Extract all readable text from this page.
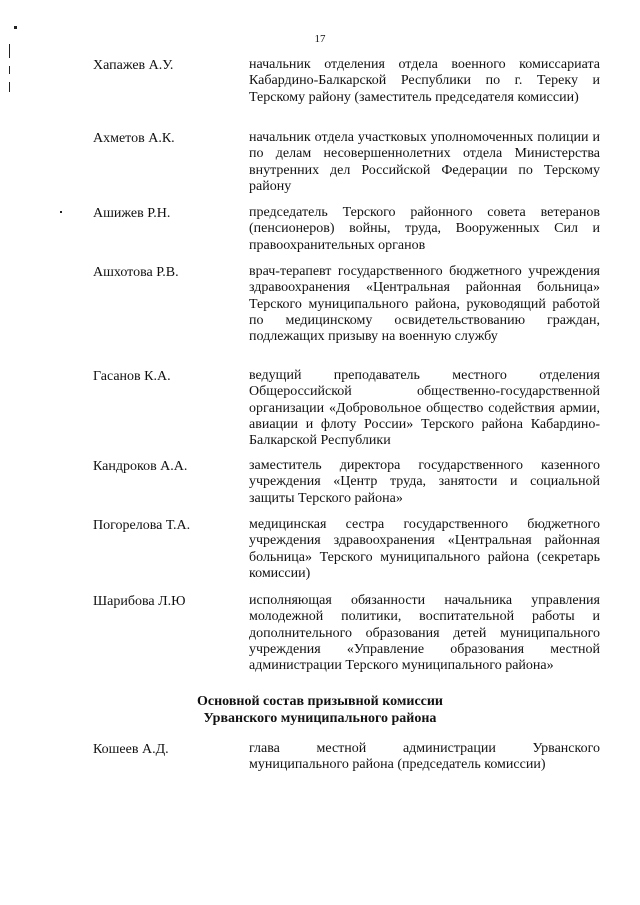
17
Хапажев А.У.	начальник отделения отдела военного комиссариата Кабардино-Балкарской Республики по г. Тереку и Терскому району (заместитель председателя комиссии)
Ахметов А.К.	начальник отдела участковых уполномоченных полиции и по делам несовершеннолетних отдела Министерства внутренних дел Российской Федерации по Терскому району
Ашижев Р.Н.	председатель Терского районного совета ветеранов (пенсионеров) войны, труда, Вооруженных Сил и правоохранительных органов
Ашхотова Р.В.	врач-терапевт государственного бюджетного учреждения здравоохранения «Центральная районная больница» Терского муниципального района, руководящий работой по медицинскому освидетельствованию граждан, подлежащих призыву на военную службу
Гасанов К.А.	ведущий преподаватель местного отделения Общероссийской общественно-государственной организации «Добровольное общество содействия армии, авиации и флоту России» Терского района Кабардино-Балкарской Республики
Кандроков А.А.	заместитель директора государственного казенного учреждения «Центр труда, занятости и социальной защиты Терского района»
Погорелова Т.А.	медицинская сестра государственного бюджетного учреждения здравоохранения «Центральная районная больница» Терского муниципального района (секретарь комиссии)
Шарибова Л.Ю	исполняющая обязанности начальника управления молодежной политики, воспитательной работы и дополнительного образования детей муниципального учреждения «Управление образования местной администрации Терского муниципального района»
Кошеев А.Д.	глава местной администрации Урванского муниципального района (председатель комиссии)
Основной состав призывной комиссии
Урванского муниципального района
